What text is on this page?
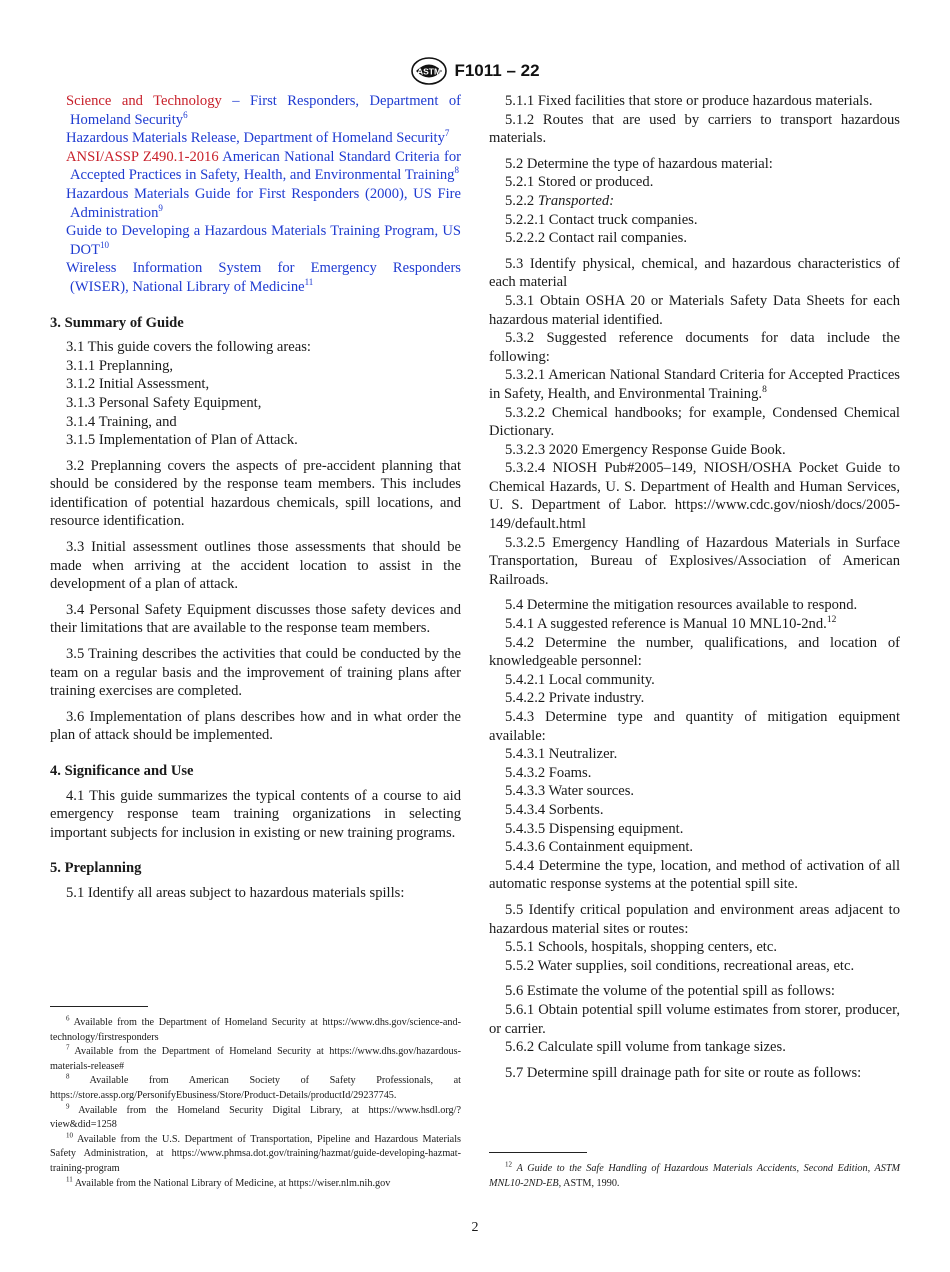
ASTM F1011 – 22

Science and Technology – First Responders, Department of Homeland Security$^6$

Hazardous Materials Release, Department of Homeland Security$^7$

ANSI/ASSP Z490.1-2016 American National Standard Criteria for Accepted Practices in Safety, Health, and Environmental Training$^8$

Hazardous Materials Guide for First Responders (2000), US Fire Administration$^9$

Guide to Developing a Hazardous Materials Training Program, US DOT$^{10}$

Wireless Information System for Emergency Responders (WISER), National Library of Medicine$^{11}$

3. Summary of Guide

3.1 This guide covers the following areas:

3.1.1 Preplanning,

3.1.2 Initial Assessment,

3.1.3 Personal Safety Equipment,

3.1.4 Training, and

3.1.5 Implementation of Plan of Attack.

3.2 Preplanning covers the aspects of pre-accident planning that should be considered by the response team members. This includes identification of potential hazardous chemicals, spill locations, and resource identification.

3.3 Initial assessment outlines those assessments that should be made when arriving at the accident location to assist in the development of a plan of attack.

3.4 Personal Safety Equipment discusses those safety devices and their limitations that are available to the response team members.

3.5 Training describes the activities that could be conducted by the team on a regular basis and the improvement of training plans after training exercises are completed.

3.6 Implementation of plans describes how and in what order the plan of attack should be implemented.

4. Significance and Use

4.1 This guide summarizes the typical contents of a course to aid emergency response team training organizations in selecting important subjects for inclusion in existing or new training programs.

5. Preplanning

5.1 Identify all areas subject to hazardous materials spills:

$^6$ Available from the Department of Homeland Security at https://www.dhs.gov/science-and-technology/firstresponders

$^7$ Available from the Department of Homeland Security at https://www.dhs.gov/hazardous-materials-release#

$^8$ Available from American Society of Safety Professionals, at https://store.assp.org/PersonifyEbusiness/Store/Product-Details/productId/29237745.

$^9$ Available from the Homeland Security Digital Library, at https://www.hsdl.org/?view&did=1258

$^{10}$ Available from the U.S. Department of Transportation, Pipeline and Hazardous Materials Safety Administration, at https://www.phmsa.dot.gov/training/hazmat/guide-developing-hazmat-training-program

$^{11}$ Available from the National Library of Medicine, at https://wiser.nlm.nih.gov

5.1.1 Fixed facilities that store or produce hazardous materials.

5.1.2 Routes that are used by carriers to transport hazardous materials.

5.2 Determine the type of hazardous material:

5.2.1 Stored or produced.

5.2.2 Transported:

5.2.2.1 Contact truck companies.

5.2.2.2 Contact rail companies.

5.3 Identify physical, chemical, and hazardous characteristics of each material

5.3.1 Obtain OSHA 20 or Materials Safety Data Sheets for each hazardous material identified.

5.3.2 Suggested reference documents for data include the following:

5.3.2.1 American National Standard Criteria for Accepted Practices in Safety, Health, and Environmental Training.$^8$

5.3.2.2 Chemical handbooks; for example, Condensed Chemical Dictionary.

5.3.2.3 2020 Emergency Response Guide Book.

5.3.2.4 NIOSH Pub#2005–149, NIOSH/OSHA Pocket Guide to Chemical Hazards, U. S. Department of Health and Human Services, U. S. Department of Labor. https://www.cdc.gov/niosh/docs/2005-149/default.html

5.3.2.5 Emergency Handling of Hazardous Materials in Surface Transportation, Bureau of Explosives/Association of American Railroads.

5.4 Determine the mitigation resources available to respond.

5.4.1 A suggested reference is Manual 10 MNL10-2nd.$^{12}$

5.4.2 Determine the number, qualifications, and location of knowledgeable personnel:

5.4.2.1 Local community.

5.4.2.2 Private industry.

5.4.3 Determine type and quantity of mitigation equipment available:

5.4.3.1 Neutralizer.

5.4.3.2 Foams.

5.4.3.3 Water sources.

5.4.3.4 Sorbents.

5.4.3.5 Dispensing equipment.

5.4.3.6 Containment equipment.

5.4.4 Determine the type, location, and method of activation of all automatic response systems at the potential spill site.

5.5 Identify critical population and environment areas adjacent to hazardous material sites or routes:

5.5.1 Schools, hospitals, shopping centers, etc.

5.5.2 Water supplies, soil conditions, recreational areas, etc.

5.6 Estimate the volume of the potential spill as follows:

5.6.1 Obtain potential spill volume estimates from storer, producer, or carrier.

5.6.2 Calculate spill volume from tankage sizes.

5.7 Determine spill drainage path for site or route as follows:

$^{12}$ A Guide to the Safe Handling of Hazardous Materials Accidents, Second Edition, ASTM MNL10-2ND-EB, ASTM, 1990.

2
